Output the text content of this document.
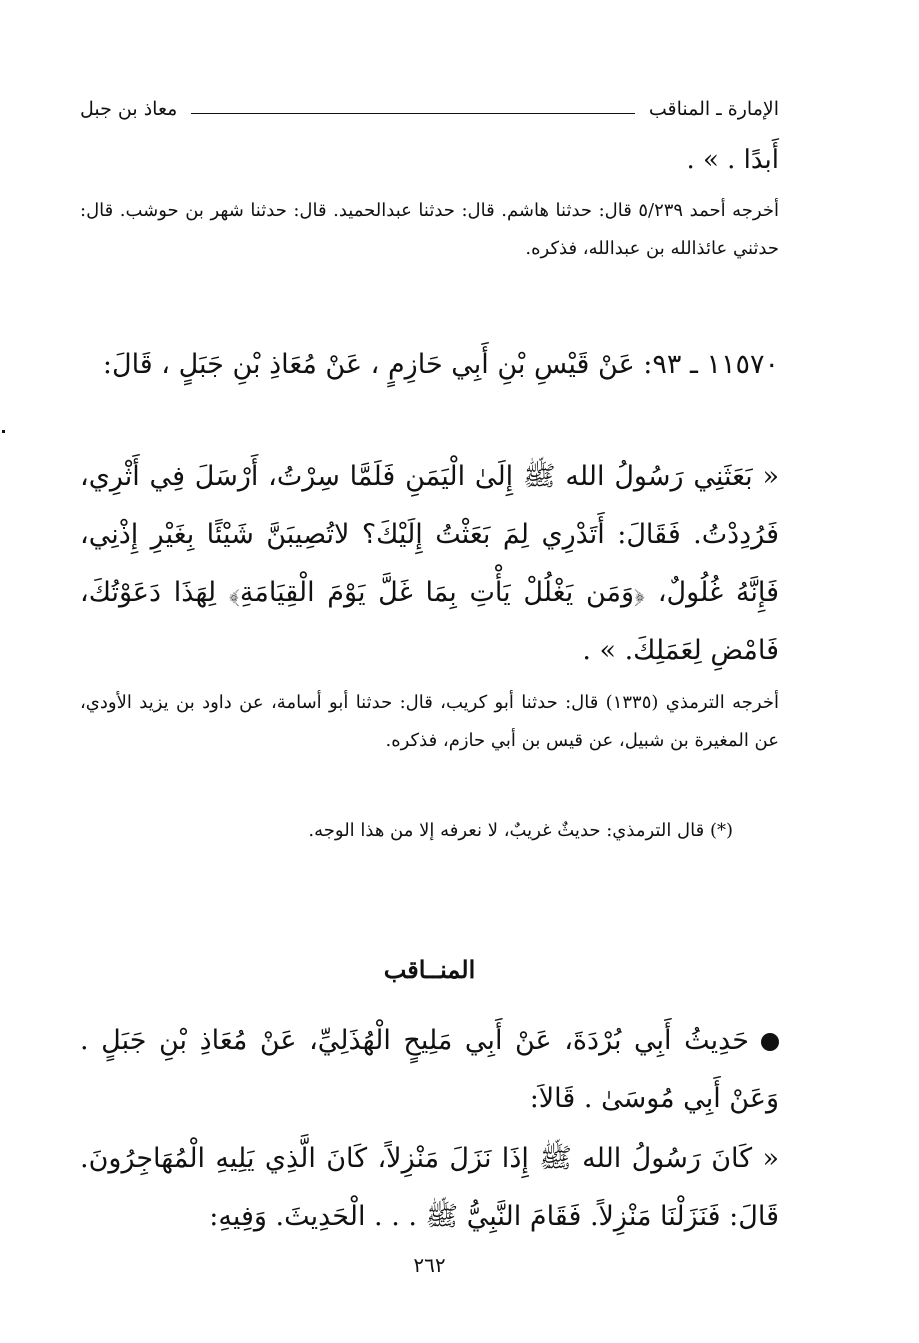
الإمارة ـ المناقب
معاذ بن جبل
أَبدًا . » .

أخرجه أحمد ٥/٢٣٩ قال: حدثنا هاشم. قال: حدثنا عبدالحميد. قال: حدثنا شهر بن حوشب. قال: حدثني عائذالله بن عبدالله، فذكره.

١١٥٧٠ ـ ٩٣: عَنْ قَيْسِ بْنِ أَبِي حَازِمٍ ، عَنْ مُعَاذِ بْنِ جَبَلٍ ، قَالَ:

« بَعَثَنِي رَسُولُ الله ﷺ إِلَىٰ الْيَمَنِ فَلَمَّا سِرْتُ، أَرْسَلَ فِي أَثْرِي، فَرُدِدْتُ. فَقَالَ: أَتَدْرِي لِمَ بَعَثْتُ إِلَيْكَ؟ لاتُصِيبَنَّ شَيْئًا بِغَيْرِ إِذْنِي، فَإِنَّهُ غُلُولٌ، ﴿وَمَن يَغْلُلْ يَأْتِ بِمَا غَلَّ يَوْمَ الْقِيَامَةِ﴾ لِهَذَا دَعَوْتُكَ، فَامْضِ لِعَمَلِكَ. » .

أخرجه الترمذي (١٣٣٥) قال: حدثنا أبو كريب، قال: حدثنا أبو أسامة، عن داود بن يزيد الأودي، عن المغيرة بن شبيل، عن قيس بن أبي حازم، فذكره.

(*) قال الترمذي: حديثٌ غريبٌ، لا نعرفه إلا من هذا الوجه.

المنــاقب

حَدِيثُ أَبِي بُرْدَةَ، عَنْ أَبِي مَلِيحٍ الْهُذَلِيِّ، عَنْ مُعَاذِ بْنِ جَبَلٍ . وَعَنْ أَبِي مُوسَىٰ . قَالاَ:

« كَانَ رَسُولُ الله ﷺ إِذَا نَزَلَ مَنْزِلاً، كَانَ الَّذِي يَلِيهِ الْمُهَاجِرُونَ. قَالَ: فَنَزَلْنَا مَنْزِلاً. فَقَامَ النَّبِيُّ ﷺ . . . الْحَدِيثَ. وَفِيهِ:

٢٦٢
